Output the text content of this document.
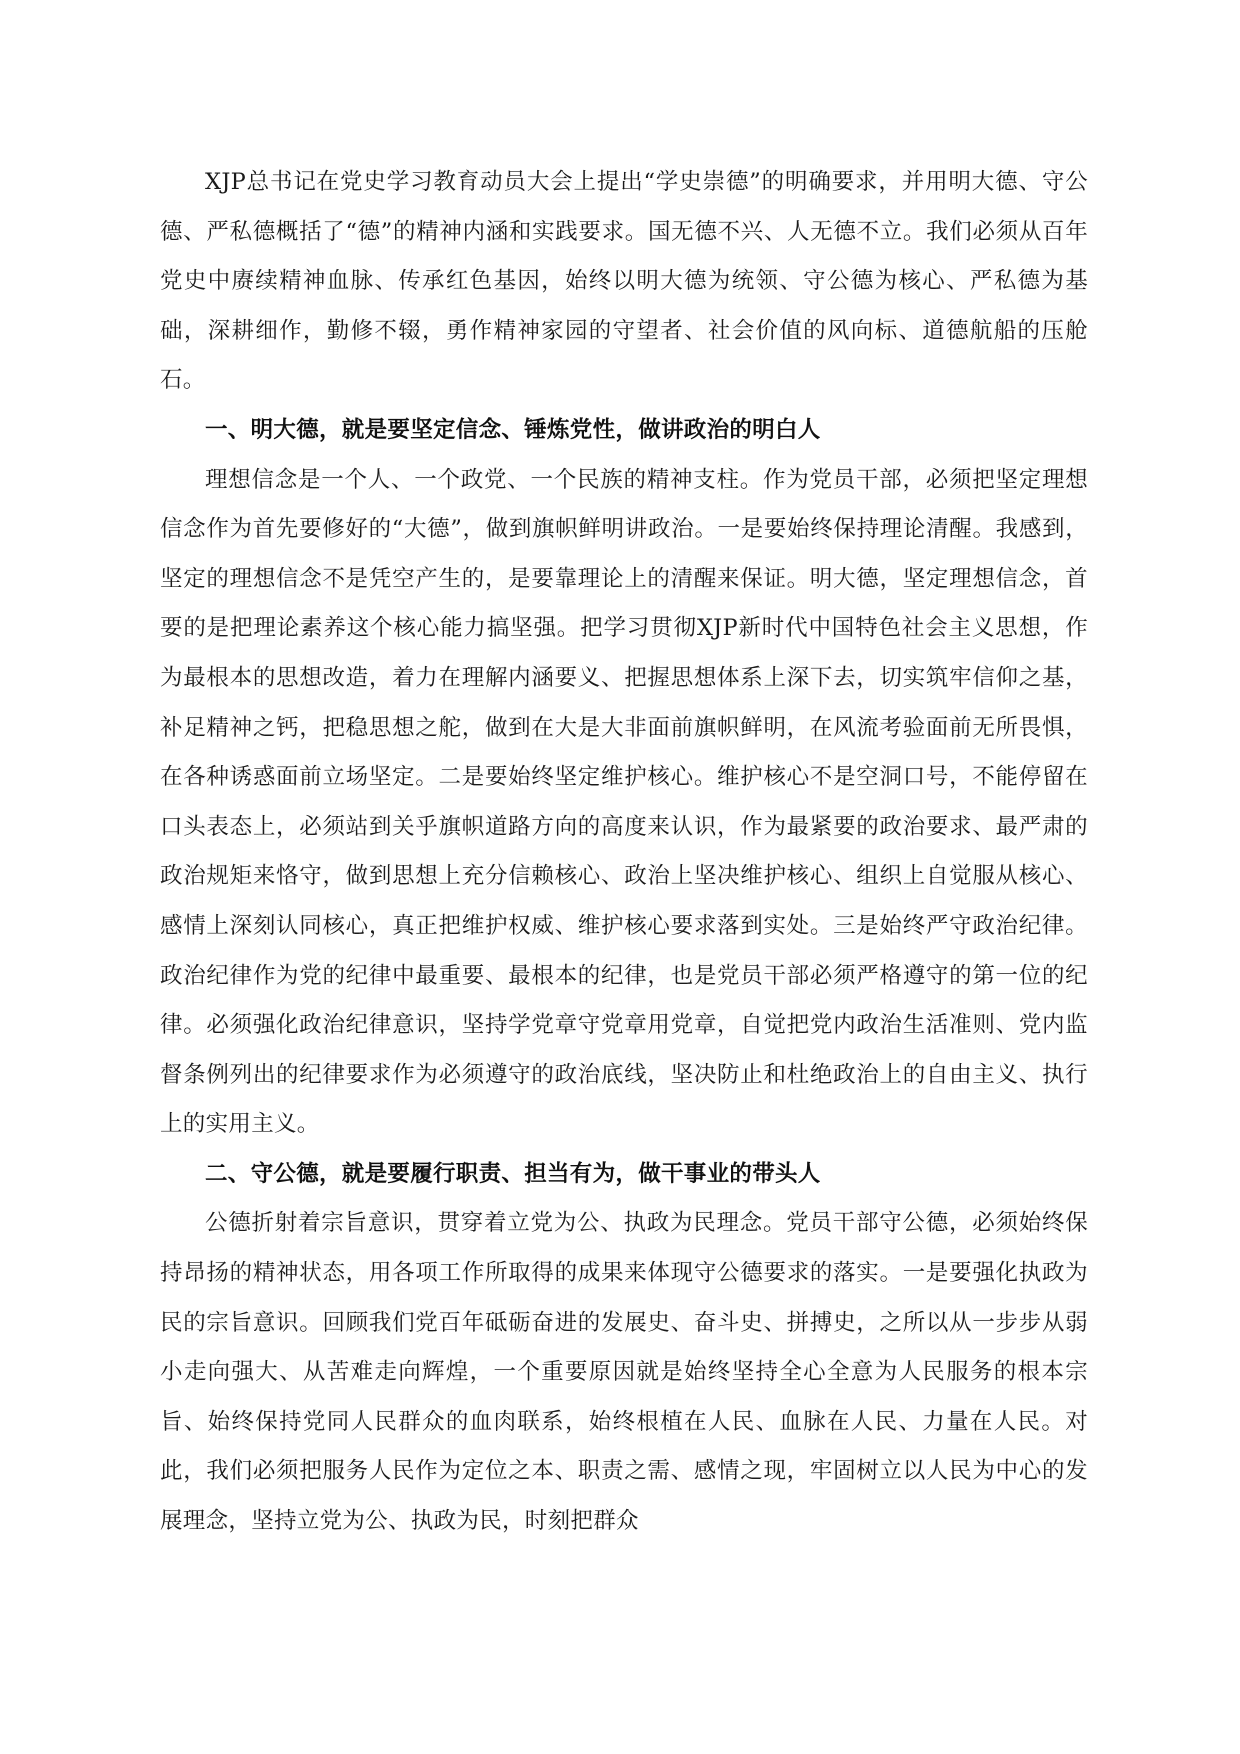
XJP总书记在党史学习教育动员大会上提出“学史崇德”的明确要求，并用明大德、守公德、严私德概括了“德”的精神内涵和实践要求。国无德不兴、人无德不立。我们必须从百年党史中赓续精神血脉、传承红色基因，始终以明大德为统领、守公德为核心、严私德为基础，深耕细作，勤修不辍，勇作精神家园的守望者、社会价值的风向标、道德航船的压舱石。

一、明大德，就是要坚定信念、锤炼党性，做讲政治的明白人

理想信念是一个人、一个政党、一个民族的精神支柱。作为党员干部，必须把坚定理想信念作为首先要修好的“大德”，做到旗帜鲜明讲政治。一是要始终保持理论清醒。我感到，坚定的理想信念不是凭空产生的，是要靠理论上的清醒来保证。明大德，坚定理想信念，首要的是把理论素养这个核心能力搞坚强。把学习贯彻XJP新时代中国特色社会主义思想，作为最根本的思想改造，着力在理解内涵要义、把握思想体系上深下去，切实筑牢信仰之基，补足精神之钙，把稳思想之舵，做到在大是大非面前旗帜鲜明，在风流考验面前无所畏惧，在各种诱惑面前立场坚定。二是要始终坚定维护核心。维护核心不是空洞口号，不能停留在口头表态上，必须站到关乎旗帜道路方向的高度来认识，作为最紧要的政治要求、最严肃的政治规矩来恪守，做到思想上充分信赖核心、政治上坚决维护核心、组织上自觉服从核心、感情上深刻认同核心，真正把维护权威、维护核心要求落到实处。三是始终严守政治纪律。政治纪律作为党的纪律中最重要、最根本的纪律，也是党员干部必须严格遵守的第一位的纪律。必须强化政治纪律意识，坚持学党章守党章用党章，自觉把党内政治生活准则、党内监督条例列出的纪律要求作为必须遵守的政治底线，坚决防止和杜绝政治上的自由主义、执行上的实用主义。

二、守公德，就是要履行职责、担当有为，做干事业的带头人

公德折射着宗旨意识，贯穿着立党为公、执政为民理念。党员干部守公德，必须始终保持昂扬的精神状态，用各项工作所取得的成果来体现守公德要求的落实。一是要强化执政为民的宗旨意识。回顾我们党百年砥砺奋进的发展史、奋斗史、拼搏史，之所以从一步步从弱小走向强大、从苦难走向辉煌，一个重要原因就是始终坚持全心全意为人民服务的根本宗旨、始终保持党同人民群众的血肉联系，始终根植在人民、血脉在人民、力量在人民。对此，我们必须把服务人民作为定位之本、职责之需、感情之现，牢固树立以人民为中心的发展理念，坚持立党为公、执政为民，时刻把群众
